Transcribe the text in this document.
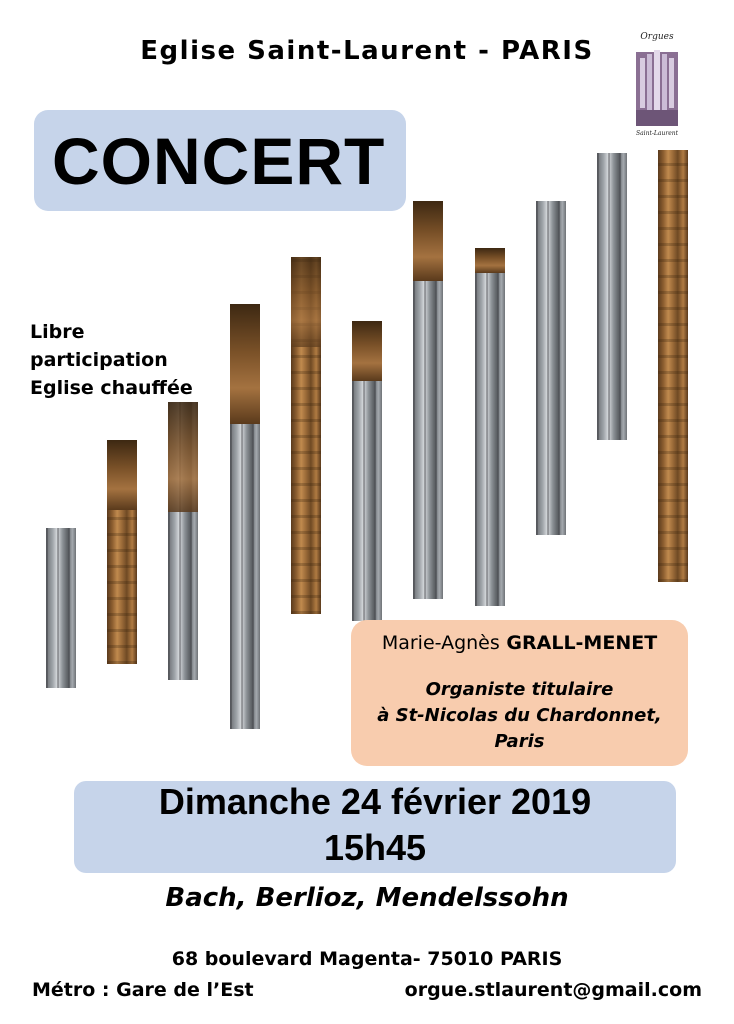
Eglise Saint-Laurent - PARIS	Orgues
Saint-Laurent
CONCERT
Libre
participation
Eglise chauffée
Marie-Agnès GRALL-MENET
Organiste titulaire
à St-Nicolas du Chardonnet,
Paris
Dimanche 24 février 2019
15h45
Bach, Berlioz, Mendelssohn
68 boulevard Magenta- 75010 PARIS
Métro : Gare de l’Est	orgue.stlaurent@gmail.com
